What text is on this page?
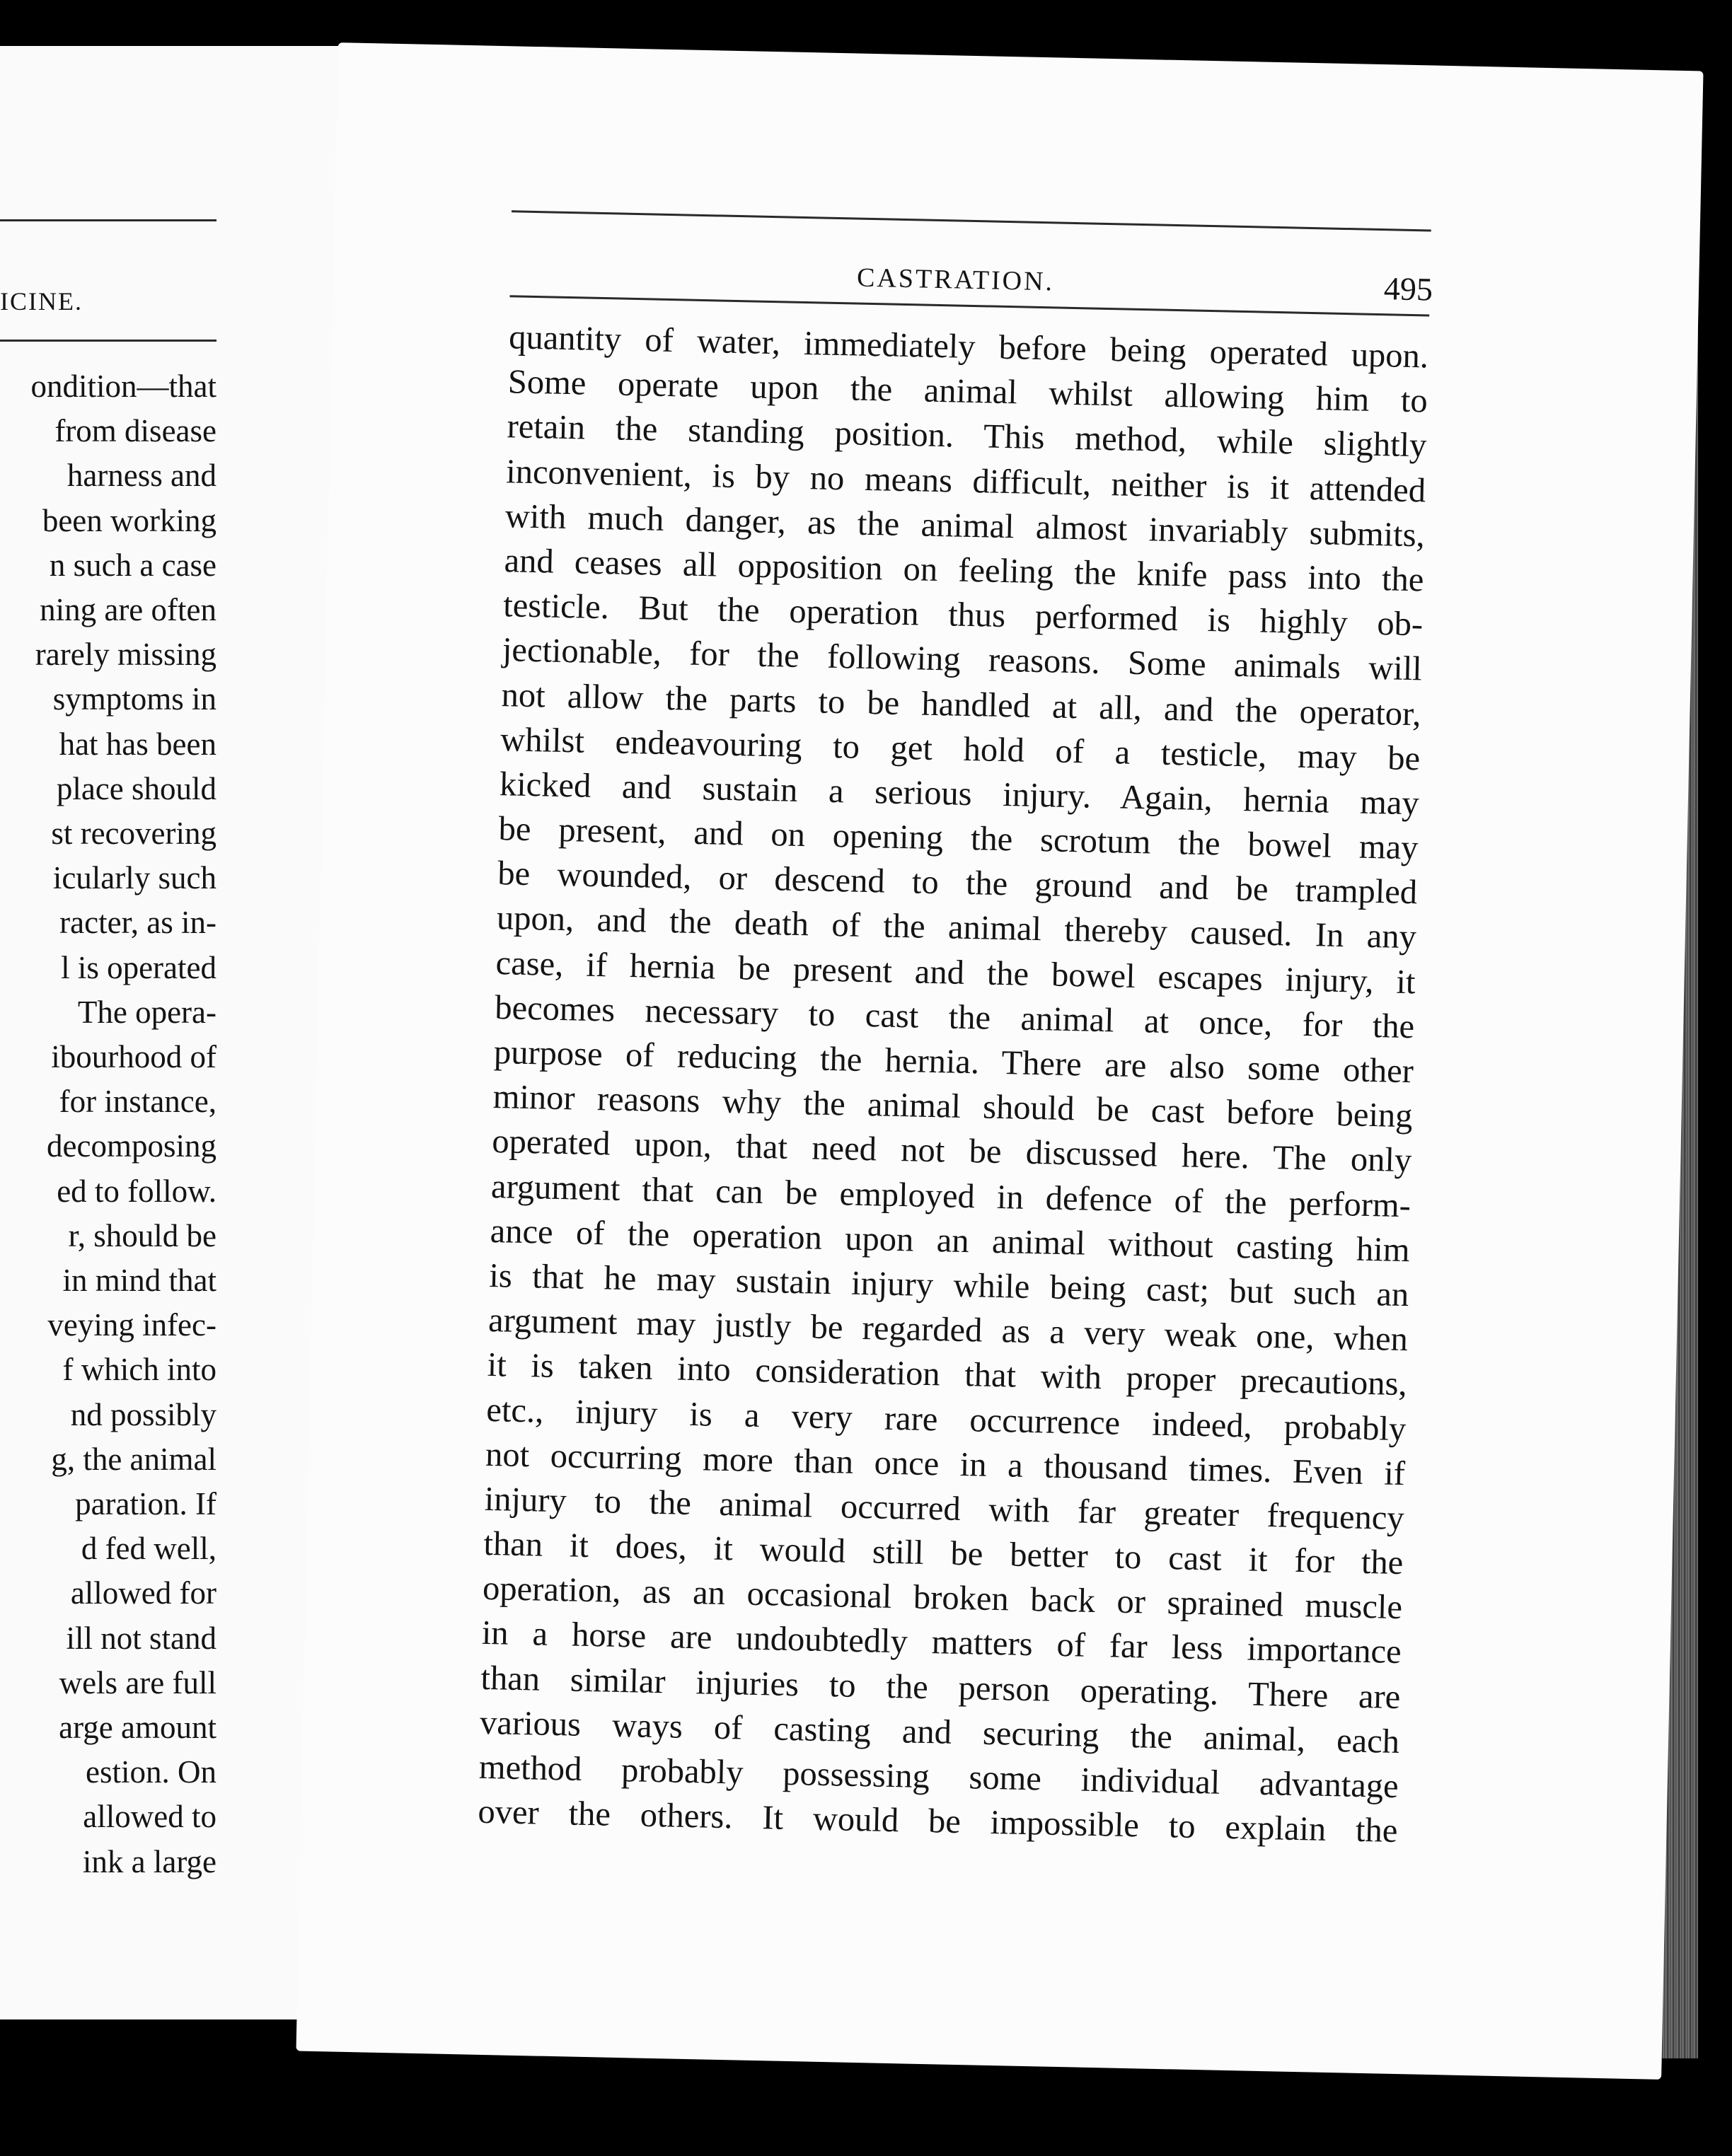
ICINE.
ondition—that
from disease
harness and
been working
n such a case
ning are often
rarely missing
symptoms in
hat has been
place should
st recovering
icularly such
racter, as in-
l is operated
The opera-
ibourhood of
for instance,
decomposing
ed to follow.
r, should be
in mind that
veying infec-
f which into
nd possibly
g, the animal
paration. If
d fed well,
allowed for
ill not stand
wels are full
arge amount
estion. On
allowed to
ink a large
CASTRATION.	495
quantity of water, immediately before being operated upon.
Some operate upon the animal whilst allowing him to
retain the standing position. This method, while slightly
inconvenient, is by no means difficult, neither is it attended
with much danger, as the animal almost invariably submits,
and ceases all opposition on feeling the knife pass into the
testicle. But the operation thus performed is highly ob-
jectionable, for the following reasons. Some animals will
not allow the parts to be handled at all, and the operator,
whilst endeavouring to get hold of a testicle, may be
kicked and sustain a serious injury. Again, hernia may
be present, and on opening the scrotum the bowel may
be wounded, or descend to the ground and be trampled
upon, and the death of the animal thereby caused. In any
case, if hernia be present and the bowel escapes injury, it
becomes necessary to cast the animal at once, for the
purpose of reducing the hernia. There are also some other
minor reasons why the animal should be cast before being
operated upon, that need not be discussed here. The only
argument that can be employed in defence of the perform-
ance of the operation upon an animal without casting him
is that he may sustain injury while being cast; but such an
argument may justly be regarded as a very weak one, when
it is taken into consideration that with proper precautions,
etc., injury is a very rare occurrence indeed, probably
not occurring more than once in a thousand times. Even if
injury to the animal occurred with far greater frequency
than it does, it would still be better to cast it for the
operation, as an occasional broken back or sprained muscle
in a horse are undoubtedly matters of far less importance
than similar injuries to the person operating. There are
various ways of casting and securing the animal, each
method probably possessing some individual advantage
over the others. It would be impossible to explain the
